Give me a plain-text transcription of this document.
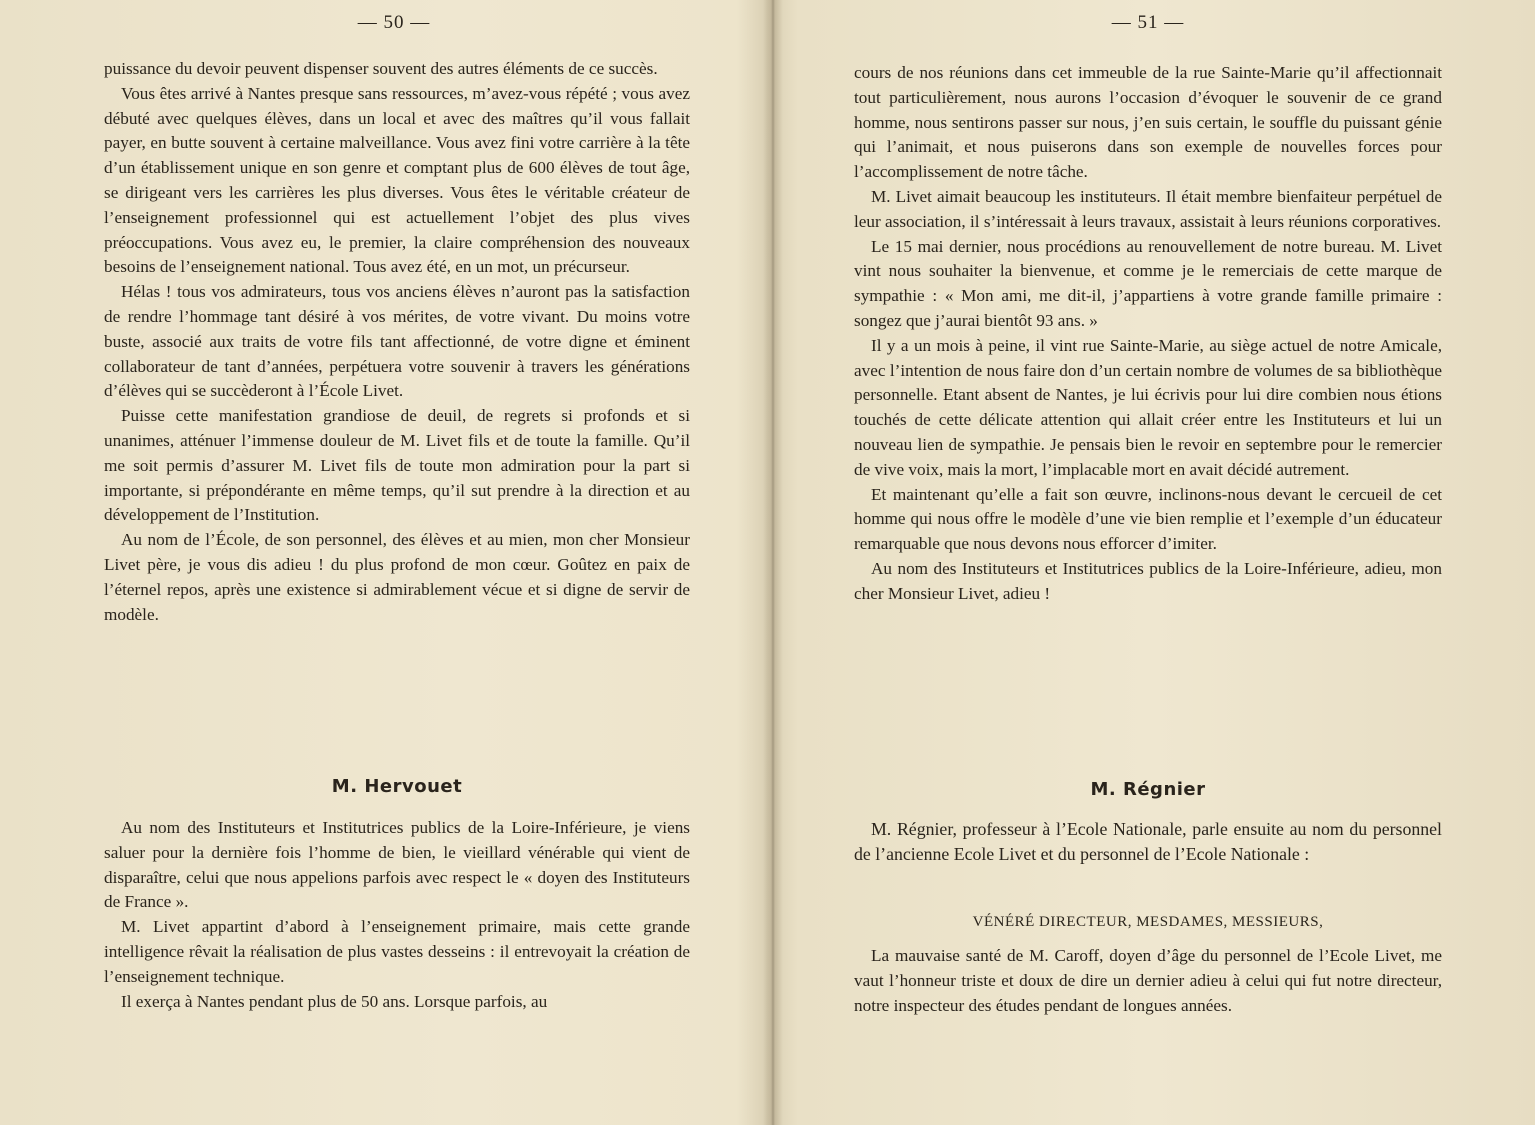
— 50 —

puissance du devoir peuvent dispenser souvent des autres éléments de ce succès.

Vous êtes arrivé à Nantes presque sans ressources, m’avez-vous répété ; vous avez débuté avec quelques élèves, dans un local et avec des maîtres qu’il vous fallait payer, en butte souvent à certaine malveillance. Vous avez fini votre carrière à la tête d’un établissement unique en son genre et comptant plus de 600 élèves de tout âge, se dirigeant vers les carrières les plus diverses. Vous êtes le véritable créateur de l’enseignement professionnel qui est actuellement l’objet des plus vives préoccupations. Vous avez eu, le premier, la claire compréhension des nouveaux besoins de l’enseignement national. Tous avez été, en un mot, un précurseur.

Hélas ! tous vos admirateurs, tous vos anciens élèves n’auront pas la satisfaction de rendre l’hommage tant désiré à vos mérites, de votre vivant. Du moins votre buste, associé aux traits de votre fils tant affectionné, de votre digne et éminent collaborateur de tant d’années, perpétuera votre souvenir à travers les générations d’élèves qui se succèderont à l’École Livet.

Puisse cette manifestation grandiose de deuil, de regrets si profonds et si unanimes, atténuer l’immense douleur de M. Livet fils et de toute la famille. Qu’il me soit permis d’assurer M. Livet fils de toute mon admiration pour la part si importante, si prépondérante en même temps, qu’il sut prendre à la direction et au développement de l’Institution.

Au nom de l’École, de son personnel, des élèves et au mien, mon cher Monsieur Livet père, je vous dis adieu ! du plus profond de mon cœur. Goûtez en paix de l’éternel repos, après une existence si admirablement vécue et si digne de servir de modèle.

M. Hervouet

Au nom des Instituteurs et Institutrices publics de la Loire-Inférieure, je viens saluer pour la dernière fois l’homme de bien, le vieillard vénérable qui vient de disparaître, celui que nous appelions parfois avec respect le « doyen des Instituteurs de France ».

M. Livet appartint d’abord à l’enseignement primaire, mais cette grande intelligence rêvait la réalisation de plus vastes desseins : il entrevoyait la création de l’enseignement technique.

Il exerça à Nantes pendant plus de 50 ans. Lorsque parfois, au

— 51 —

cours de nos réunions dans cet immeuble de la rue Sainte-Marie qu’il affectionnait tout particulièrement, nous aurons l’occasion d’évoquer le souvenir de ce grand homme, nous sentirons passer sur nous, j’en suis certain, le souffle du puissant génie qui l’animait, et nous puiserons dans son exemple de nouvelles forces pour l’accomplissement de notre tâche.

M. Livet aimait beaucoup les instituteurs. Il était membre bienfaiteur perpétuel de leur association, il s’intéressait à leurs travaux, assistait à leurs réunions corporatives.

Le 15 mai dernier, nous procédions au renouvellement de notre bureau. M. Livet vint nous souhaiter la bienvenue, et comme je le remerciais de cette marque de sympathie : « Mon ami, me dit-il, j’appartiens à votre grande famille primaire : songez que j’aurai bientôt 93 ans. »

Il y a un mois à peine, il vint rue Sainte-Marie, au siège actuel de notre Amicale, avec l’intention de nous faire don d’un certain nombre de volumes de sa bibliothèque personnelle. Etant absent de Nantes, je lui écrivis pour lui dire combien nous étions touchés de cette délicate attention qui allait créer entre les Instituteurs et lui un nouveau lien de sympathie. Je pensais bien le revoir en septembre pour le remercier de vive voix, mais la mort, l’implacable mort en avait décidé autrement.

Et maintenant qu’elle a fait son œuvre, inclinons-nous devant le cercueil de cet homme qui nous offre le modèle d’une vie bien remplie et l’exemple d’un éducateur remarquable que nous devons nous efforcer d’imiter.

Au nom des Instituteurs et Institutrices publics de la Loire-Inférieure, adieu, mon cher Monsieur Livet, adieu !

M. Régnier

M. Régnier, professeur à l’Ecole Nationale, parle ensuite au nom du personnel de l’ancienne Ecole Livet et du personnel de l’Ecole Nationale :

VÉNÉRÉ DIRECTEUR, MESDAMES, MESSIEURS,

La mauvaise santé de M. Caroff, doyen d’âge du personnel de l’Ecole Livet, me vaut l’honneur triste et doux de dire un dernier adieu à celui qui fut notre directeur, notre inspecteur des études pendant de longues années.
